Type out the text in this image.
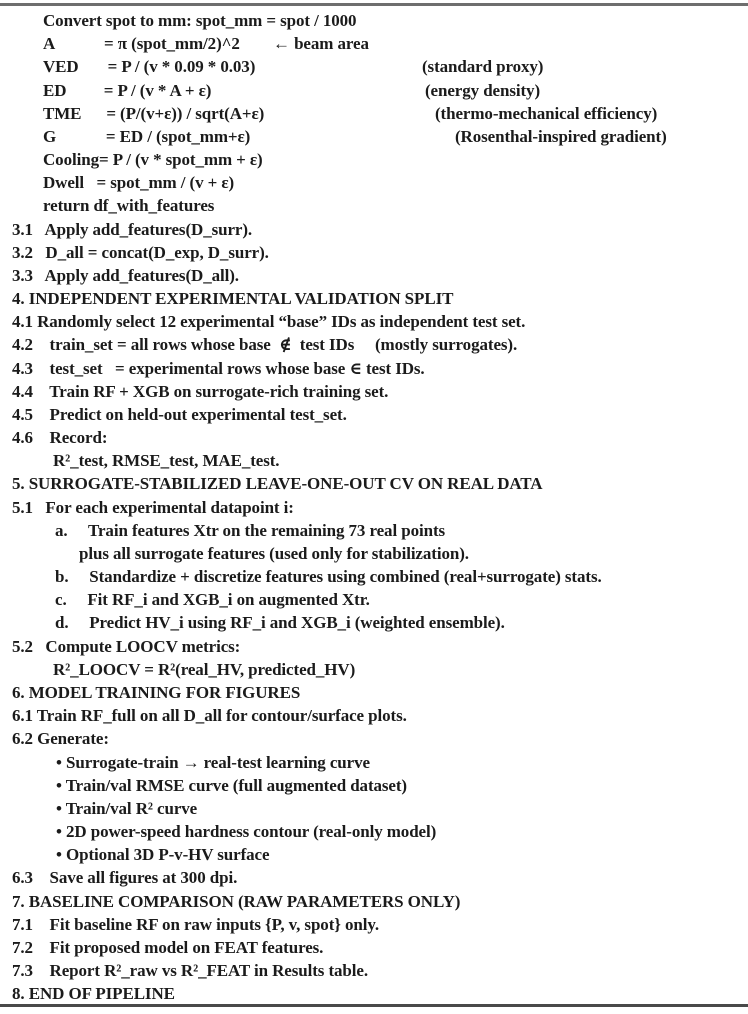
Convert spot to mm: spot_mm = spot / 1000
A            = π (spot_mm/2)^2        ← beam area
VED       = P / (v * 0.09 * 0.03)	(standard proxy)
ED         = P / (v * A + ε)	(energy density)
TME      = (P/(v+ε)) / sqrt(A+ε)	(thermo-mechanical efficiency)
G            = ED / (spot_mm+ε)	(Rosenthal-inspired gradient)
Cooling= P / (v * spot_mm + ε)
Dwell   = spot_mm / (v + ε)
return df_with_features
3.1   Apply add_features(D_surr).
3.2   D_all = concat(D_exp, D_surr).
3.3   Apply add_features(D_all).
4. INDEPENDENT EXPERIMENTAL VALIDATION SPLIT
4.1 Randomly select 12 experimental “base” IDs as independent test set.
4.2    train_set = all rows whose base  ∉  test IDs     (mostly surrogates).
4.3    test_set   = experimental rows whose base ∈ test IDs.
4.4    Train RF + XGB on surrogate-rich training set.
4.5    Predict on held-out experimental test_set.
4.6    Record:
R²_test, RMSE_test, MAE_test.
5. SURROGATE-STABILIZED LEAVE-ONE-OUT CV ON REAL DATA
5.1   For each experimental datapoint i:
a.     Train features Xtr on the remaining 73 real points
plus all surrogate features (used only for stabilization).
b.     Standardize + discretize features using combined (real+surrogate) stats.
c.     Fit RF_i and XGB_i on augmented Xtr.
d.     Predict HV_i using RF_i and XGB_i (weighted ensemble).
5.2   Compute LOOCV metrics:
R²_LOOCV = R²(real_HV, predicted_HV)
6. MODEL TRAINING FOR FIGURES
6.1 Train RF_full on all D_all for contour/surface plots.
6.2 Generate:
• Surrogate-train → real-test learning curve
• Train/val RMSE curve (full augmented dataset)
• Train/val R² curve
• 2D power-speed hardness contour (real-only model)
• Optional 3D P-v-HV surface
6.3    Save all figures at 300 dpi.
7. BASELINE COMPARISON (RAW PARAMETERS ONLY)
7.1    Fit baseline RF on raw inputs {P, v, spot} only.
7.2    Fit proposed model on FEAT features.
7.3    Report R²_raw vs R²_FEAT in Results table.
8. END OF PIPELINE
